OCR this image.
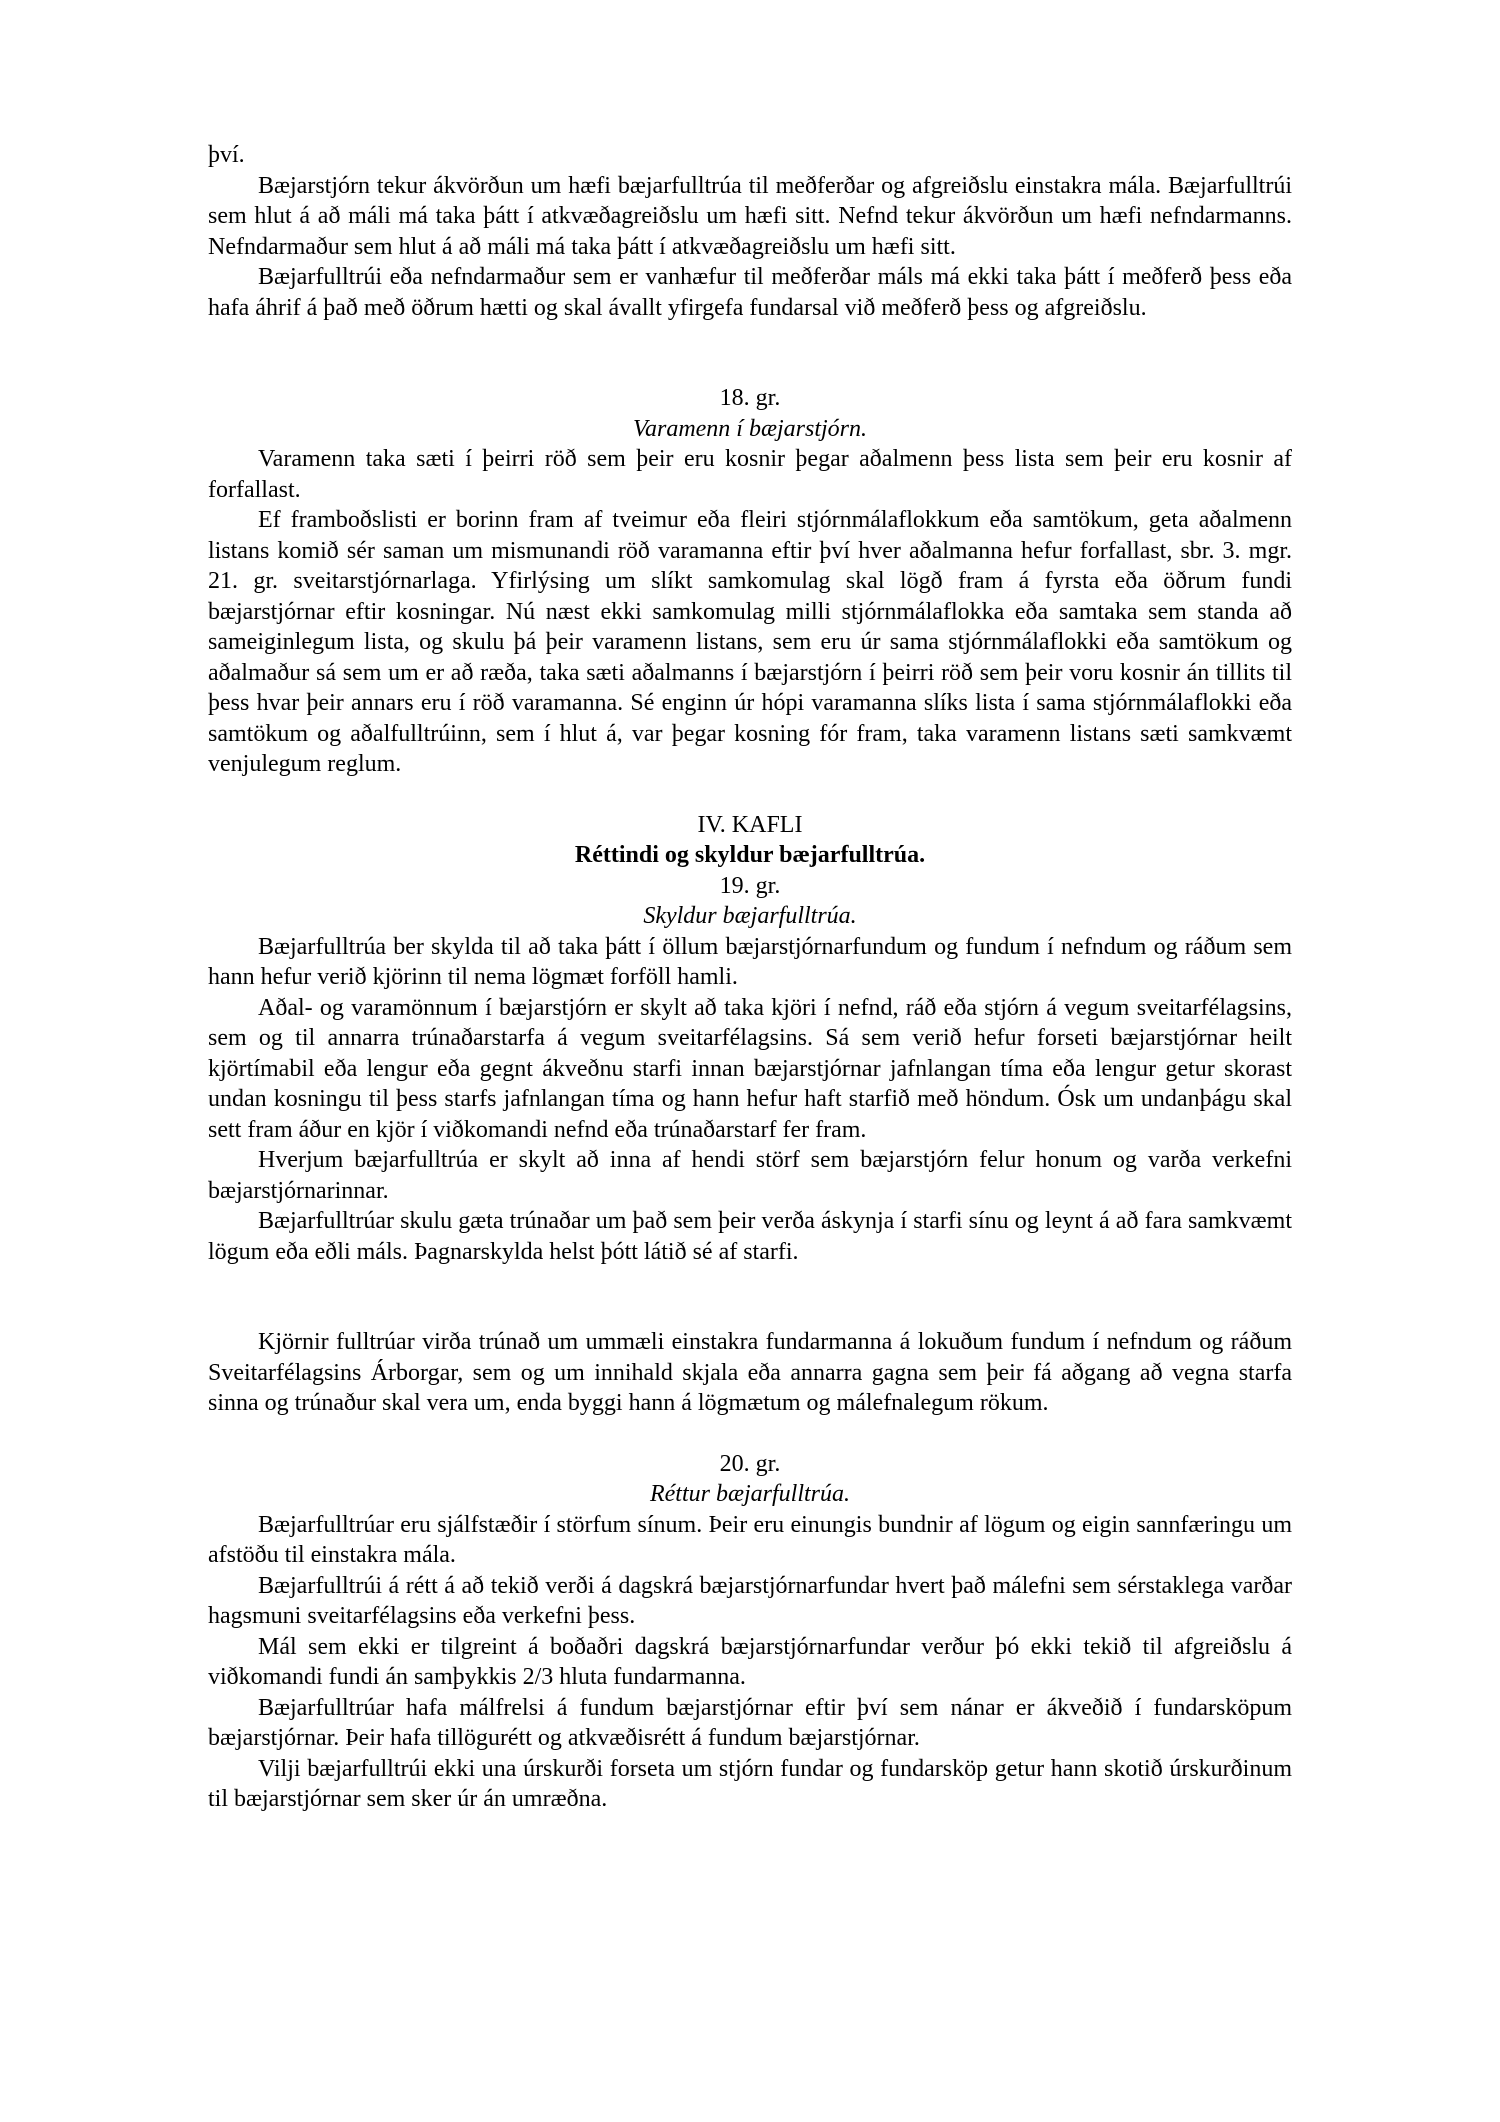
því.

Bæjarstjórn tekur ákvörðun um hæfi bæjarfulltrúa til meðferðar og afgreiðslu einstakra mála. Bæjarfulltrúi sem hlut á að máli má taka þátt í atkvæðagreiðslu um hæfi sitt. Nefnd tekur ákvörðun um hæfi nefndarmanns. Nefndarmaður sem hlut á að máli má taka þátt í atkvæðagreiðslu um hæfi sitt.

Bæjarfulltrúi eða nefndarmaður sem er vanhæfur til meðferðar máls má ekki taka þátt í meðferð þess eða hafa áhrif á það með öðrum hætti og skal ávallt yfirgefa fundarsal við meðferð þess og afgreiðslu.

18. gr.

Varamenn í bæjarstjórn.

Varamenn taka sæti í þeirri röð sem þeir eru kosnir þegar aðalmenn þess lista sem þeir eru kosnir af forfallast.

Ef framboðslisti er borinn fram af tveimur eða fleiri stjórnmálaflokkum eða samtökum, geta aðalmenn listans komið sér saman um mismunandi röð varamanna eftir því hver aðalmanna hefur forfallast, sbr. 3. mgr. 21. gr. sveitarstjórnarlaga. Yfirlýsing um slíkt samkomulag skal lögð fram á fyrsta eða öðrum fundi bæjarstjórnar eftir kosningar. Nú næst ekki samkomulag milli stjórnmálaflokka eða samtaka sem standa að sameiginlegum lista, og skulu þá þeir varamenn listans, sem eru úr sama stjórnmálaflokki eða samtökum og aðalmaður sá sem um er að ræða, taka sæti aðalmanns í bæjarstjórn í þeirri röð sem þeir voru kosnir án tillits til þess hvar þeir annars eru í röð varamanna. Sé enginn úr hópi varamanna slíks lista í sama stjórnmálaflokki eða samtökum og aðalfulltrúinn, sem í hlut á, var þegar kosning fór fram, taka varamenn listans sæti samkvæmt venjulegum reglum.

IV. KAFLI

Réttindi og skyldur bæjarfulltrúa.

19. gr.

Skyldur bæjarfulltrúa.

Bæjarfulltrúa ber skylda til að taka þátt í öllum bæjarstjórnarfundum og fundum í nefndum og ráðum sem hann hefur verið kjörinn til nema lögmæt forföll hamli.

Aðal- og varamönnum í bæjarstjórn er skylt að taka kjöri í nefnd, ráð eða stjórn á vegum sveitarfélagsins, sem og til annarra trúnaðarstarfa á vegum sveitarfélagsins. Sá sem verið hefur forseti bæjarstjórnar heilt kjörtímabil eða lengur eða gegnt ákveðnu starfi innan bæjarstjórnar jafnlangan tíma eða lengur getur skorast undan kosningu til þess starfs jafnlangan tíma og hann hefur haft starfið með höndum. Ósk um undanþágu skal sett fram áður en kjör í viðkomandi nefnd eða trúnaðarstarf fer fram.

Hverjum bæjarfulltrúa er skylt að inna af hendi störf sem bæjarstjórn felur honum og varða verkefni bæjarstjórnarinnar.

Bæjarfulltrúar skulu gæta trúnaðar um það sem þeir verða áskynja í starfi sínu og leynt á að fara samkvæmt lögum eða eðli máls. Þagnarskylda helst þótt látið sé af starfi.

Kjörnir fulltrúar virða trúnað um ummæli einstakra fundarmanna á lokuðum fundum í nefndum og ráðum Sveitarfélagsins Árborgar, sem og um innihald skjala eða annarra gagna sem þeir fá aðgang að vegna starfa sinna og trúnaður skal vera um, enda byggi hann á lögmætum og málefnalegum rökum.

20. gr.

Réttur bæjarfulltrúa.

Bæjarfulltrúar eru sjálfstæðir í störfum sínum. Þeir eru einungis bundnir af lögum og eigin sannfæringu um afstöðu til einstakra mála.

Bæjarfulltrúi á rétt á að tekið verði á dagskrá bæjarstjórnarfundar hvert það málefni sem sérstaklega varðar hagsmuni sveitarfélagsins eða verkefni þess.

Mál sem ekki er tilgreint á boðaðri dagskrá bæjarstjórnarfundar verður þó ekki tekið til afgreiðslu á viðkomandi fundi án samþykkis 2/3 hluta fundarmanna.

Bæjarfulltrúar hafa málfrelsi á fundum bæjarstjórnar eftir því sem nánar er ákveðið í fundarsköpum bæjarstjórnar. Þeir hafa tillögurétt og atkvæðisrétt á fundum bæjarstjórnar.

Vilji bæjarfulltrúi ekki una úrskurði forseta um stjórn fundar og fundarsköp getur hann skotið úrskurðinum til bæjarstjórnar sem sker úr án umræðna.
